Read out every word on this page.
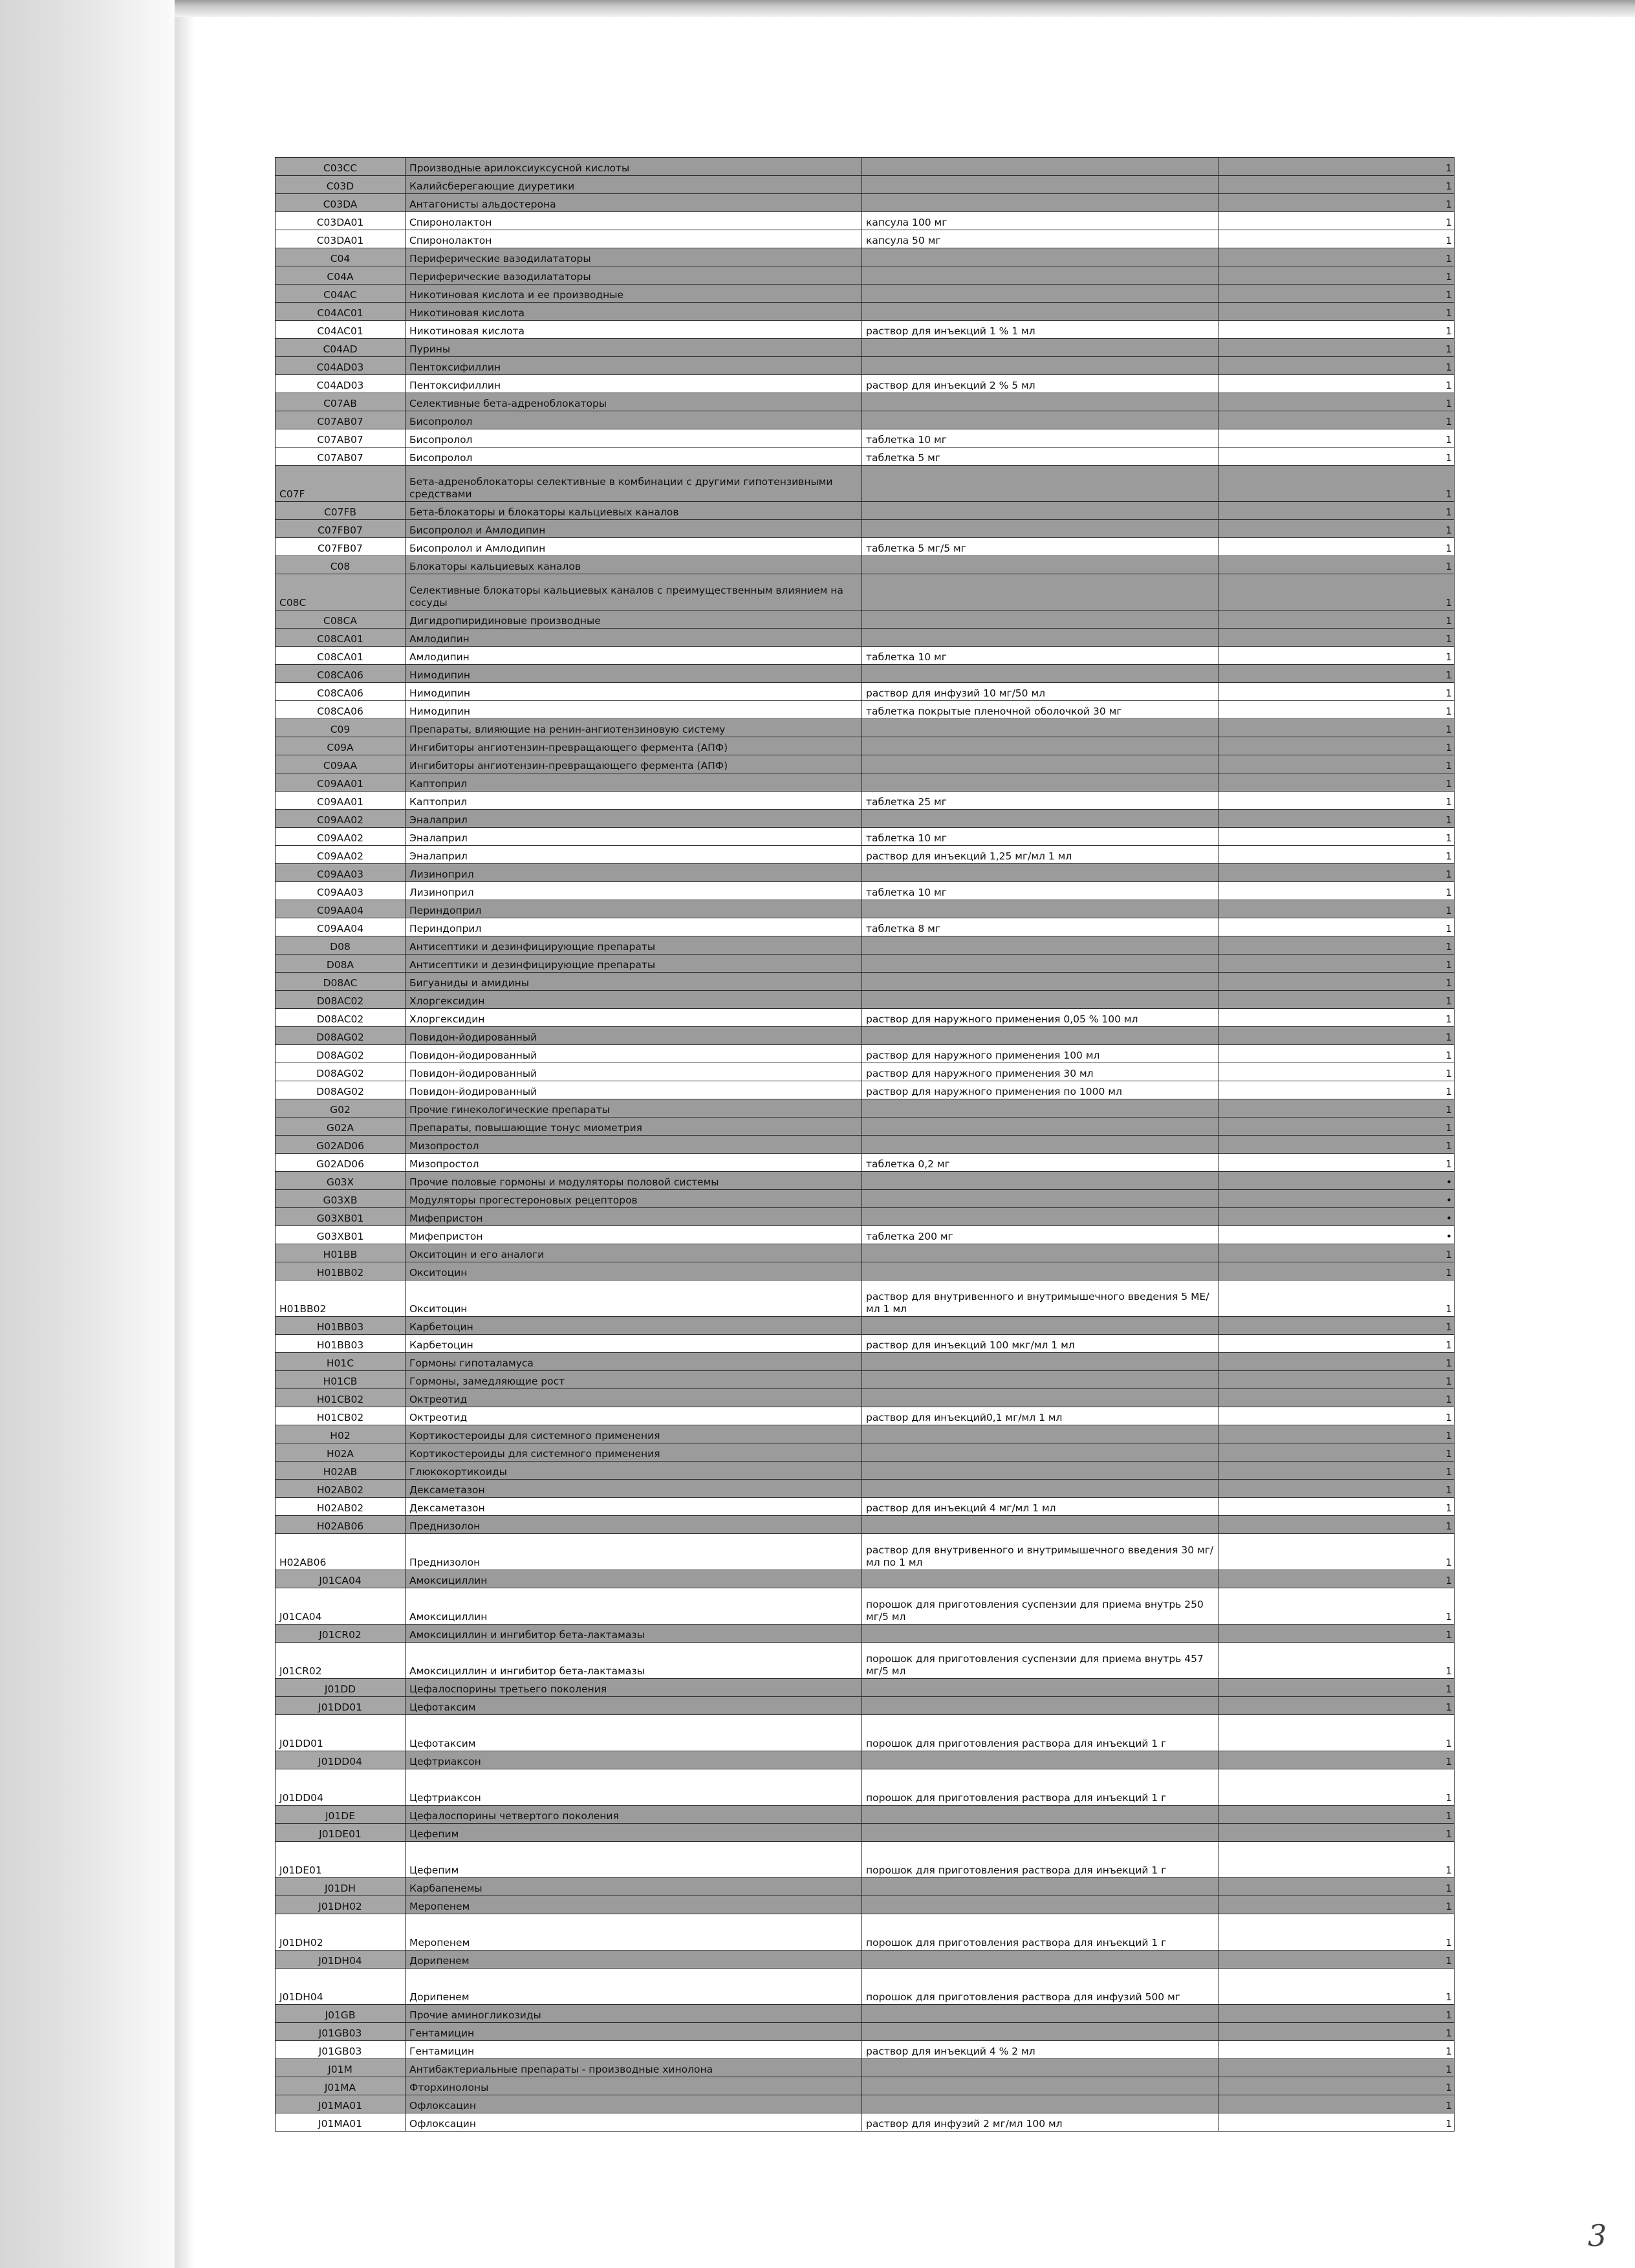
C03CC	Производные арилоксиуксусной кислоты		1
C03D	Калийсберегающие диуретики		1
C03DA	Антагонисты альдостерона		1
C03DA01	Спиронолактон	капсула 100 мг	1
C03DA01	Спиронолактон	капсула 50 мг	1
C04	Периферические вазодилататоры		1
C04A	Периферические вазодилататоры		1
C04AC	Никотиновая кислота и ее производные		1
C04AC01	Никотиновая кислота		1
C04AC01	Никотиновая кислота	раствор для инъекций 1 % 1 мл	1
C04AD	Пурины		1
C04AD03	Пентоксифиллин		1
C04AD03	Пентоксифиллин	раствор для инъекций 2 % 5 мл	1
C07AB	Селективные бета-адреноблокаторы		1
C07AB07	Бисопролол		1
C07AB07	Бисопролол	таблетка 10 мг	1
C07AB07	Бисопролол	таблетка 5 мг	1
C07F	Бета-адреноблокаторы селективные в комбинации с другими гипотензивными средствами		1
C07FB	Бета-блокаторы и блокаторы кальциевых каналов		1
C07FB07	Бисопролол и Амлодипин		1
C07FB07	Бисопролол и Амлодипин	таблетка 5 мг/5 мг	1
C08	Блокаторы кальциевых каналов		1
C08C	Селективные блокаторы кальциевых каналов с преимущественным влиянием на сосуды		1
C08CA	Дигидропиридиновые производные		1
C08CA01	Амлодипин		1
C08CA01	Амлодипин	таблетка 10 мг	1
C08CA06	Нимодипин		1
C08CA06	Нимодипин	раствор для инфузий 10 мг/50 мл	1
C08CA06	Нимодипин	таблетка покрытые пленочной оболочкой 30 мг	1
C09	Препараты, влияющие на ренин-ангиотензиновую систему		1
C09A	Ингибиторы ангиотензин-превращающего фермента (АПФ)		1
C09AA	Ингибиторы ангиотензин-превращающего фермента (АПФ)		1
C09AA01	Каптоприл		1
C09AA01	Каптоприл	таблетка 25 мг	1
C09AA02	Эналаприл		1
C09AA02	Эналаприл	таблетка 10 мг	1
C09AA02	Эналаприл	раствор для инъекций 1,25 мг/мл 1 мл	1
C09AA03	Лизиноприл		1
C09AA03	Лизиноприл	таблетка 10 мг	1
C09AA04	Периндоприл		1
C09AA04	Периндоприл	таблетка 8 мг	1
D08	Антисептики и дезинфицирующие препараты		1
D08A	Антисептики и дезинфицирующие препараты		1
D08AC	Бигуаниды и амидины		1
D08AC02	Хлоргексидин		1
D08AC02	Хлоргексидин	раствор для наружного применения 0,05 % 100 мл	1
D08AG02	Повидон-йодированный		1
D08AG02	Повидон-йодированный	раствор для наружного применения 100 мл	1
D08AG02	Повидон-йодированный	раствор для наружного применения 30 мл	1
D08AG02	Повидон-йодированный	раствор для наружного применения по 1000 мл	1
G02	Прочие гинекологические препараты		1
G02A	Препараты, повышающие тонус миометрия		1
G02AD06	Мизопростол		1
G02AD06	Мизопростол	таблетка 0,2 мг	1
G03X	Прочие половые гормоны и модуляторы половой системы		•
G03XB	Модуляторы прогестероновых рецепторов		•
G03XB01	Мифепристон		•
G03XB01	Мифепристон	таблетка 200 мг	•
H01BB	Окситоцин и его аналоги		1
H01BB02	Окситоцин		1
H01BB02	Окситоцин	раствор для внутривенного и внутримышечного введения 5 МЕ/мл 1 мл	1
H01BB03	Карбетоцин		1
H01BB03	Карбетоцин	раствор для инъекций 100 мкг/мл 1 мл	1
H01C	Гормоны гипоталамуса		1
H01CB	Гормоны, замедляющие рост		1
H01CB02	Октреотид		1
H01CB02	Октреотид	раствор для инъекций0,1 мг/мл 1 мл	1
H02	Кортикостероиды для системного применения		1
H02A	Кортикостероиды для системного применения		1
H02AB	Глюкокортикоиды		1
H02AB02	Дексаметазон		1
H02AB02	Дексаметазон	раствор для инъекций 4 мг/мл 1 мл	1
H02AB06	Преднизолон		1
H02AB06	Преднизолон	раствор для внутривенного и внутримышечного введения 30 мг/мл по 1 мл	1
J01CA04	Амоксициллин		1
J01CA04	Амоксициллин	порошок для приготовления суспензии для приема внутрь 250 мг/5 мл	1
J01CR02	Амоксициллин и ингибитор бета-лактамазы		1
J01CR02	Амоксициллин и ингибитор бета-лактамазы	порошок для приготовления суспензии для приема внутрь 457 мг/5 мл	1
J01DD	Цефалоспорины третьего поколения		1
J01DD01	Цефотаксим		1
J01DD01	Цефотаксим	порошок для приготовления раствора для инъекций 1 г	1
J01DD04	Цефтриаксон		1
J01DD04	Цефтриаксон	порошок для приготовления раствора для инъекций 1 г	1
J01DE	Цефалоспорины четвертого поколения		1
J01DE01	Цефепим		1
J01DE01	Цефепим	порошок для приготовления раствора для инъекций 1 г	1
J01DH	Карбапенемы		1
J01DH02	Меропенем		1
J01DH02	Меропенем	порошок для приготовления раствора для инъекций 1 г	1
J01DH04	Дорипенем		1
J01DH04	Дорипенем	порошок для приготовления раствора для инфузий 500 мг	1
J01GB	Прочие аминогликозиды		1
J01GB03	Гентамицин		1
J01GB03	Гентамицин	раствор для инъекций 4 % 2 мл	1
J01M	Антибактериальные препараты - производные хинолона		1
J01MA	Фторхинолоны		1
J01MA01	Офлоксацин		1
J01MA01	Офлоксацин	раствор для инфузий 2 мг/мл 100 мл	1
3
